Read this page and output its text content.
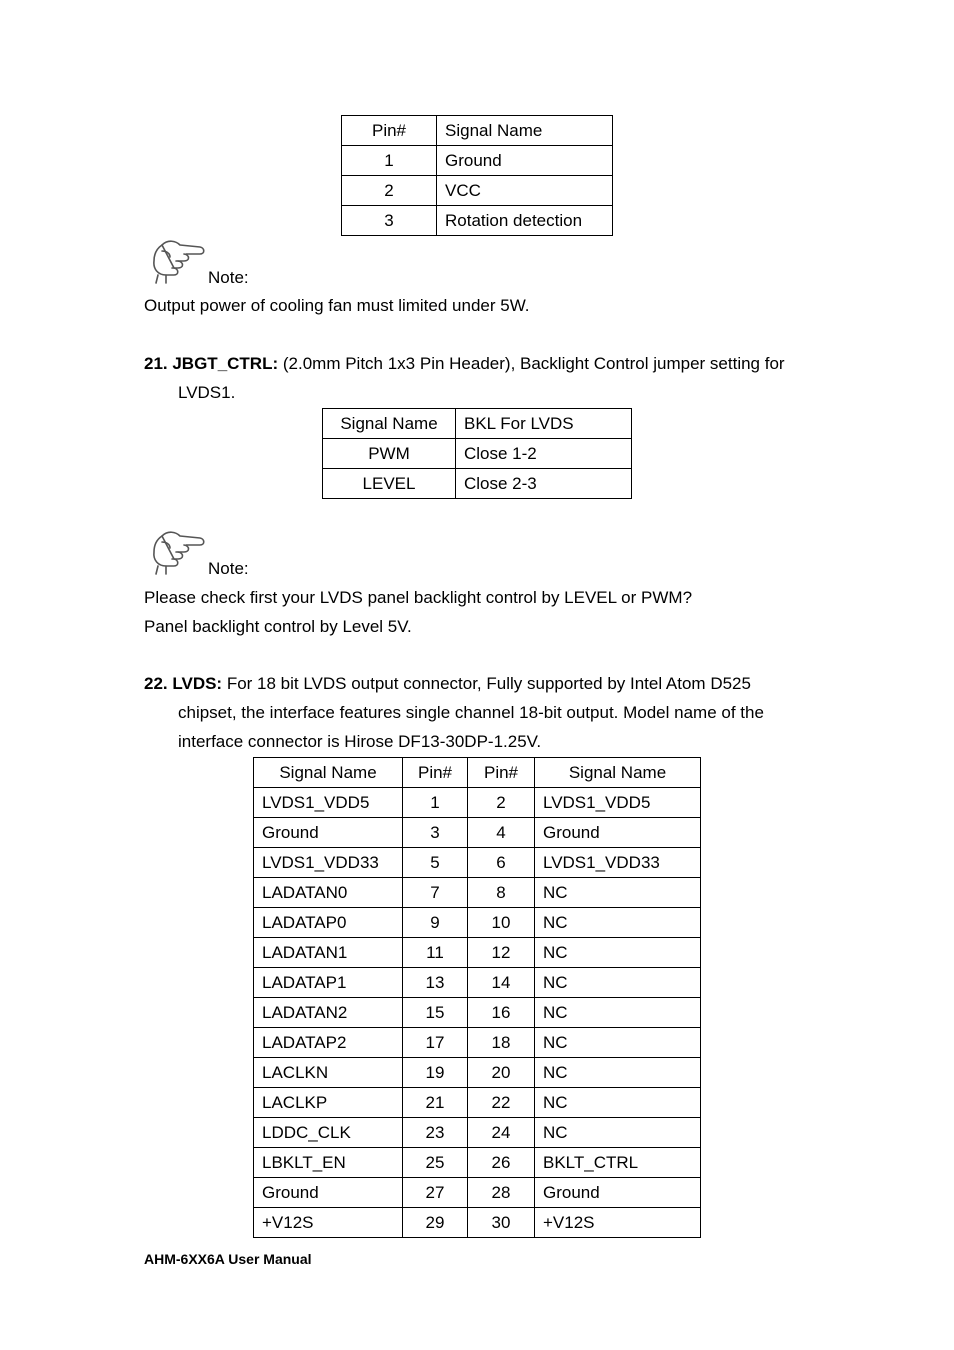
Pin#	Signal Name
1	Ground
2	VCC
3	Rotation detection
Note:
Output power of cooling fan must limited under 5W.
21. JBGT_CTRL: (2.0mm Pitch 1x3 Pin Header), Backlight Control jumper setting for
LVDS1.
Signal Name	BKL For LVDS
PWM	Close 1-2
LEVEL	Close 2-3
Note:
Please check first your LVDS panel backlight control by LEVEL or PWM?
Panel backlight control by Level 5V.
22. LVDS: For 18 bit LVDS output connector, Fully supported by Intel Atom D525
chipset, the interface features single channel 18-bit output. Model name of the
interface connector is Hirose DF13-30DP-1.25V.
Signal Name	Pin#	Pin#	Signal Name
LVDS1_VDD5	1	2	LVDS1_VDD5
Ground	3	4	Ground
LVDS1_VDD33	5	6	LVDS1_VDD33
LADATAN0	7	8	NC
LADATAP0	9	10	NC
LADATAN1	11	12	NC
LADATAP1	13	14	NC
LADATAN2	15	16	NC
LADATAP2	17	18	NC
LACLKN	19	20	NC
LACLKP	21	22	NC
LDDC_CLK	23	24	NC
LBKLT_EN	25	26	BKLT_CTRL
Ground	27	28	Ground
+V12S	29	30	+V12S
AHM-6XX6A User Manual
